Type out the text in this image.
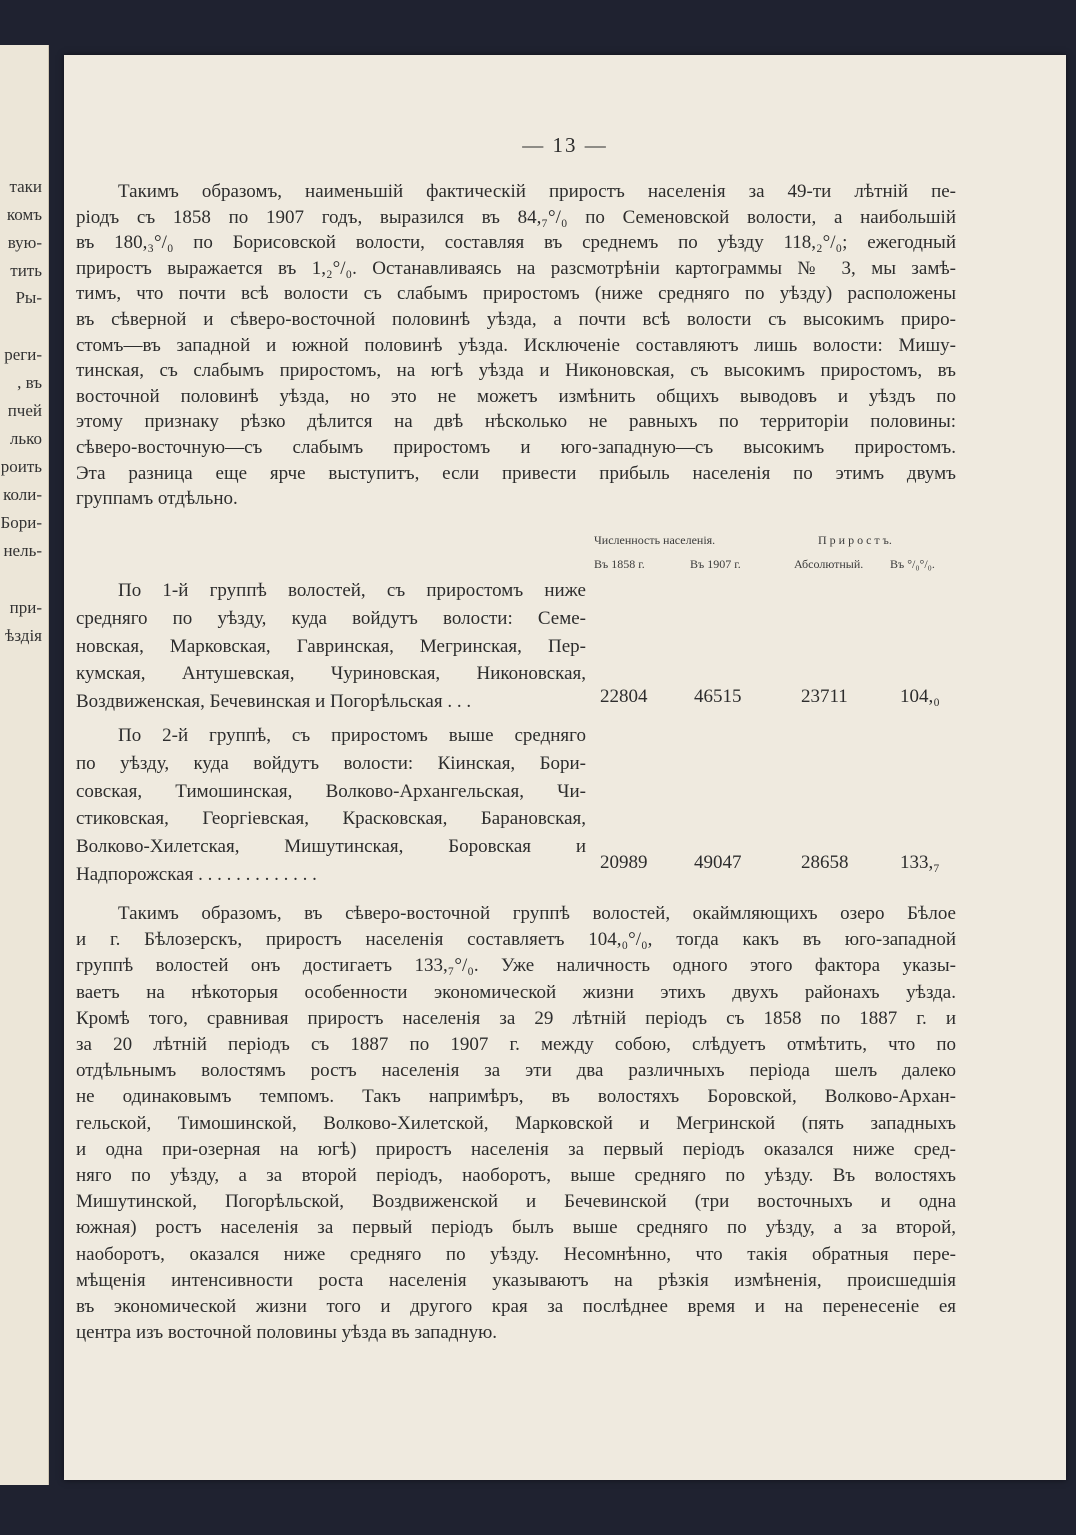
таки
комъ
вую-
тить
Ры-
реги-
, въ
пчей
лько
роить
коли-
Бори-
нель-
при-
ѣздія
— 13 —
Такимъ образомъ, наименьшій фактическій приростъ населенія за 49-ти лѣтній пе-
ріодъ съ 1858 по 1907 годъ, выразился въ 84,₇°/₀ по Семеновской волости, а наибольшій
въ 180,₃°/₀ по Борисовской волости, составляя въ среднемъ по уѣзду 118,₂°/₀; ежегодный
приростъ выражается въ 1,₂°/₀. Останавливаясь на разсмотрѣніи картограммы № 3, мы замѣ-
тимъ, что почти всѣ волости съ слабымъ приростомъ (ниже средняго по уѣзду) расположены
въ сѣверной и сѣверо-восточной половинѣ уѣзда, а почти всѣ волости съ высокимъ приро-
стомъ—въ западной и южной половинѣ уѣзда. Исключеніе составляютъ лишь волости: Мишу-
тинская, съ слабымъ приростомъ, на югѣ уѣзда и Никоновская, съ высокимъ приростомъ, въ
восточной половинѣ уѣзда, но это не можетъ измѣнить общихъ выводовъ и уѣздъ по
этому признаку рѣзко дѣлится на двѣ нѣсколько не равныхъ по территоріи половины:
сѣверо-восточную—съ слабымъ приростомъ и юго-западную—съ высокимъ приростомъ.
Эта разница еще ярче выступитъ, если привести прибыль населенія по этимъ двумъ
группамъ отдѣльно.
Численность населенія.	П р и р о с т ъ.
Въ 1858 г.	Въ 1907 г.	Абсолютный. Въ °/₀°/₀.
По 1-й группѣ волостей, съ приростомъ ниже
средняго по уѣзду, куда войдутъ волости: Семе-
новская, Марковская, Гавринская, Мегринская, Пер-
кумская, Антушевская, Чуриновская, Никоновская,
Воздвиженская, Бечевинская и Погорѣльская . . .	22804 46515	23711	104,₀
По 2-й группѣ, съ приростомъ выше средняго
по уѣзду, куда войдутъ волости: Кіинская, Бори-
совская, Тимошинская, Волково-Архангельская, Чи-
стиковская, Георгіевская, Красковская, Барановская,
Волково-Хилетская, Мишутинская, Боровская и
Надпорожская . . . . . . . . . . . . .
20989 49047	28658	133,₇
Такимъ образомъ, въ сѣверо-восточной группѣ волостей, окаймляющихъ озеро Бѣлое
и г. Бѣлозерскъ, приростъ населенія составляетъ 104,₀°/₀, тогда какъ въ юго-западной
группѣ волостей онъ достигаетъ 133,₇°/₀. Уже наличность одного этого фактора указы-
ваетъ на нѣкоторыя особенности экономической жизни этихъ двухъ районахъ уѣзда.
Кромѣ того, сравнивая приростъ населенія за 29 лѣтній періодъ съ 1858 по 1887 г. и
за 20 лѣтній періодъ съ 1887 по 1907 г. между собою, слѣдуетъ отмѣтить, что по
отдѣльнымъ волостямъ ростъ населенія за эти два различныхъ періода шелъ далеко
не одинаковымъ темпомъ. Такъ напримѣръ, въ волостяхъ Боровской, Волково-Архан-
гельской, Тимошинской, Волково-Хилетской, Марковской и Мегринской (пять западныхъ
и одна при-озерная на югѣ) приростъ населенія за первый періодъ оказался ниже сред-
няго по уѣзду, а за второй періодъ, наоборотъ, выше средняго по уѣзду. Въ волостяхъ
Мишутинской, Погорѣльской, Воздвиженской и Бечевинской (три восточныхъ и одна
южная) ростъ населенія за первый періодъ былъ выше средняго по уѣзду, а за второй,
наоборотъ, оказался ниже средняго по уѣзду. Несомнѣнно, что такія обратныя пере-
мѣщенія интенсивности роста населенія указываютъ на рѣзкія измѣненія, происшедшія
въ экономической жизни того и другого края за послѣднее время и на перенесеніе ея
центра изъ восточной половины уѣзда въ западную.
